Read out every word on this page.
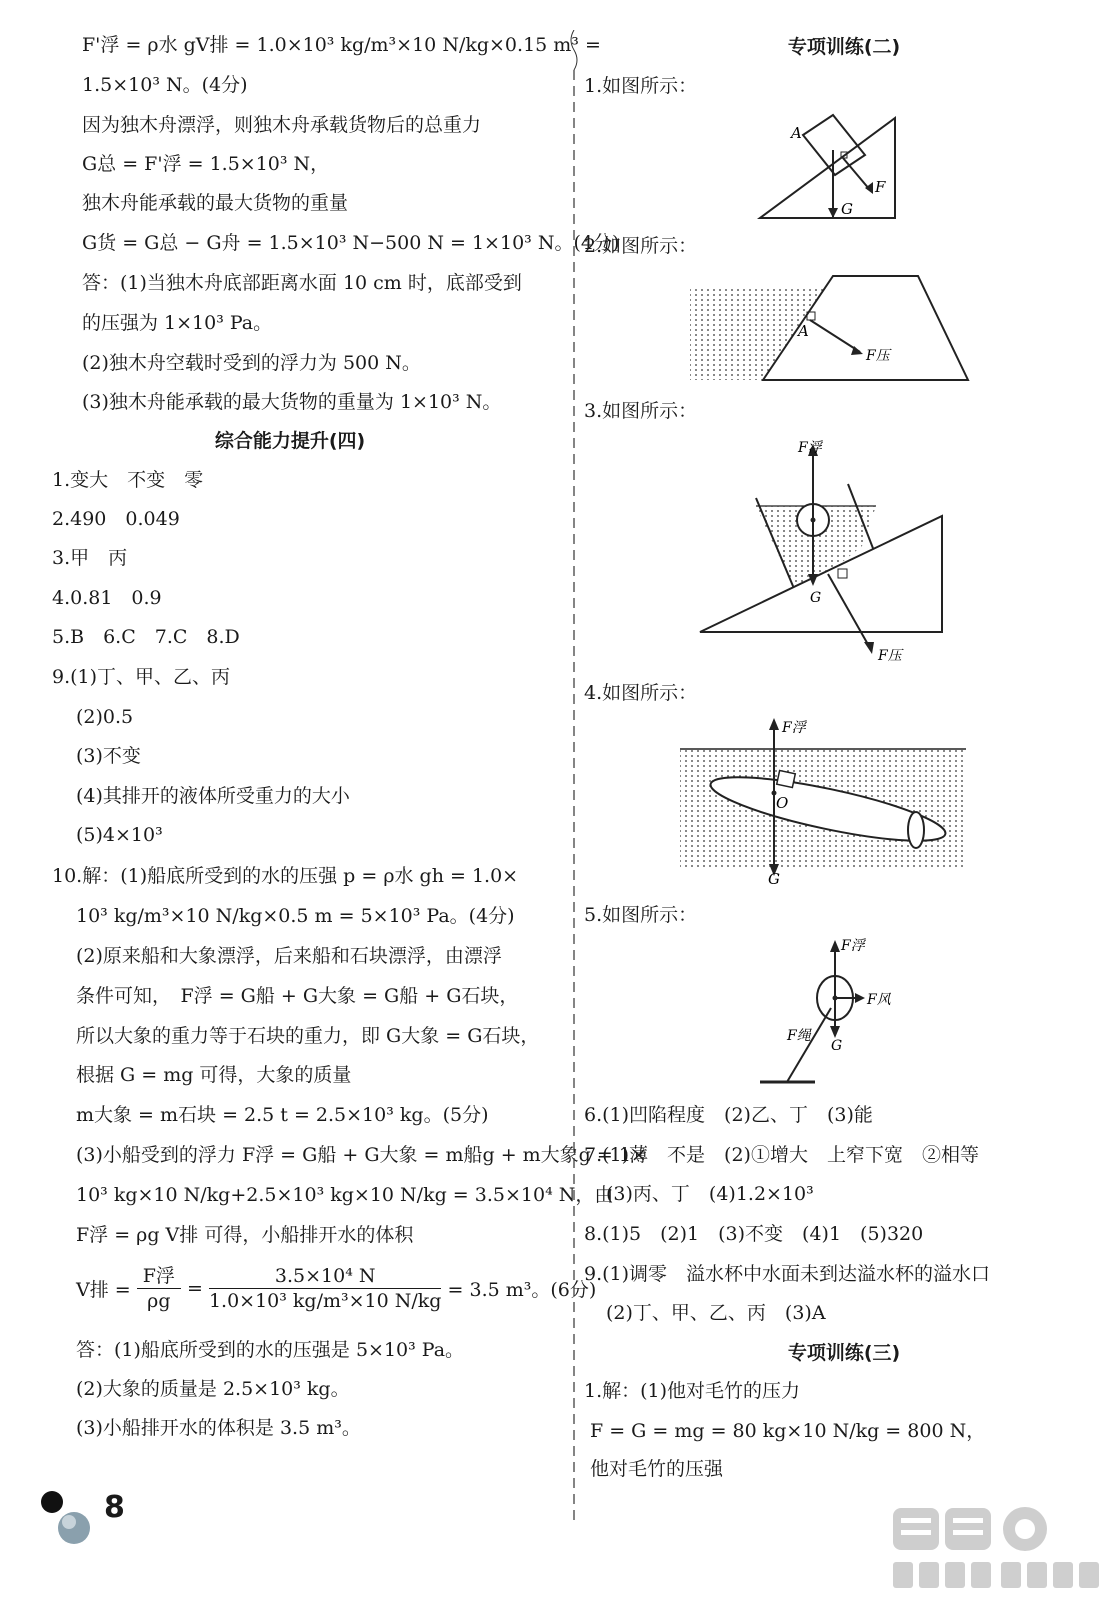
F'浮 = ρ水 gV排 = 1.0×10³ kg/m³×10 N/kg×0.15 m³ =
1.5×10³ N。(4分)
因为独木舟漂浮，则独木舟承载货物后的总重力
G总 = F'浮 = 1.5×10³ N，
独木舟能承载的最大货物的重量
G货 = G总 − G舟 = 1.5×10³ N−500 N = 1×10³ N。(4分)
答：(1)当独木舟底部距离水面 10 cm 时，底部受到
的压强为 1×10³ Pa。
(2)独木舟空载时受到的浮力为 500 N。
(3)独木舟能承载的最大货物的重量为 1×10³ N。
综合能力提升(四)
1.变大　不变　零
2.490　0.049
3.甲　丙
4.0.81　0.9
5.B　6.C　7.C　8.D
9.(1)丁、甲、乙、丙
(2)0.5
(3)不变
(4)其排开的液体所受重力的大小
(5)4×10³
10.解：(1)船底所受到的水的压强 p = ρ水 gh = 1.0×
10³ kg/m³×10 N/kg×0.5 m = 5×10³ Pa。(4分)
(2)原来船和大象漂浮，后来船和石块漂浮，由漂浮
条件可知，　F浮 = G船 + G大象 = G船 + G石块，
所以大象的重力等于石块的重力，即 G大象 = G石块，
根据 G = mg 可得，大象的质量
m大象 = m石块 = 2.5 t = 2.5×10³ kg。(5分)
(3)小船受到的浮力 F浮 = G船 + G大象 = m船g + m大象g = 1×
10³ kg×10 N/kg+2.5×10³ kg×10 N/kg = 3.5×10⁴ N，由
F浮 = ρg V排 可得，小船排开水的体积
V排 = $\frac{\text{F浮}}{\rho g} = \frac{\text{3.5×10⁴ N}}{\text{1.0×10³ kg/m³×10 N/kg}} = 3.5$ m³。(6分)
答：(1)船底所受到的水的压强是 5×10³ Pa。
(2)大象的质量是 2.5×10³ kg。
(3)小船排开水的体积是 3.5 m³。
专项训练(二)
1.如图所示：
A
F
G
2.如图所示：
A
F压
3.如图所示：
F浮
G
F压
4.如图所示：
F浮
O
G
5.如图所示：
F浮
F风
F绳
G
6.(1)凹陷程度　(2)乙、丁　(3)能
7.(1)薄　不是　(2)①增大　上窄下宽　②相等
(3)丙、丁　(4)1.2×10³
8.(1)5　(2)1　(3)不变　(4)1　(5)320
9.(1)调零　溢水杯中水面未到达溢水杯的溢水口
(2)丁、甲、乙、丙　(3)A
专项训练(三)
1.解：(1)他对毛竹的压力
F = G = mg = 80 kg×10 N/kg = 800 N，
他对毛竹的压强
8
